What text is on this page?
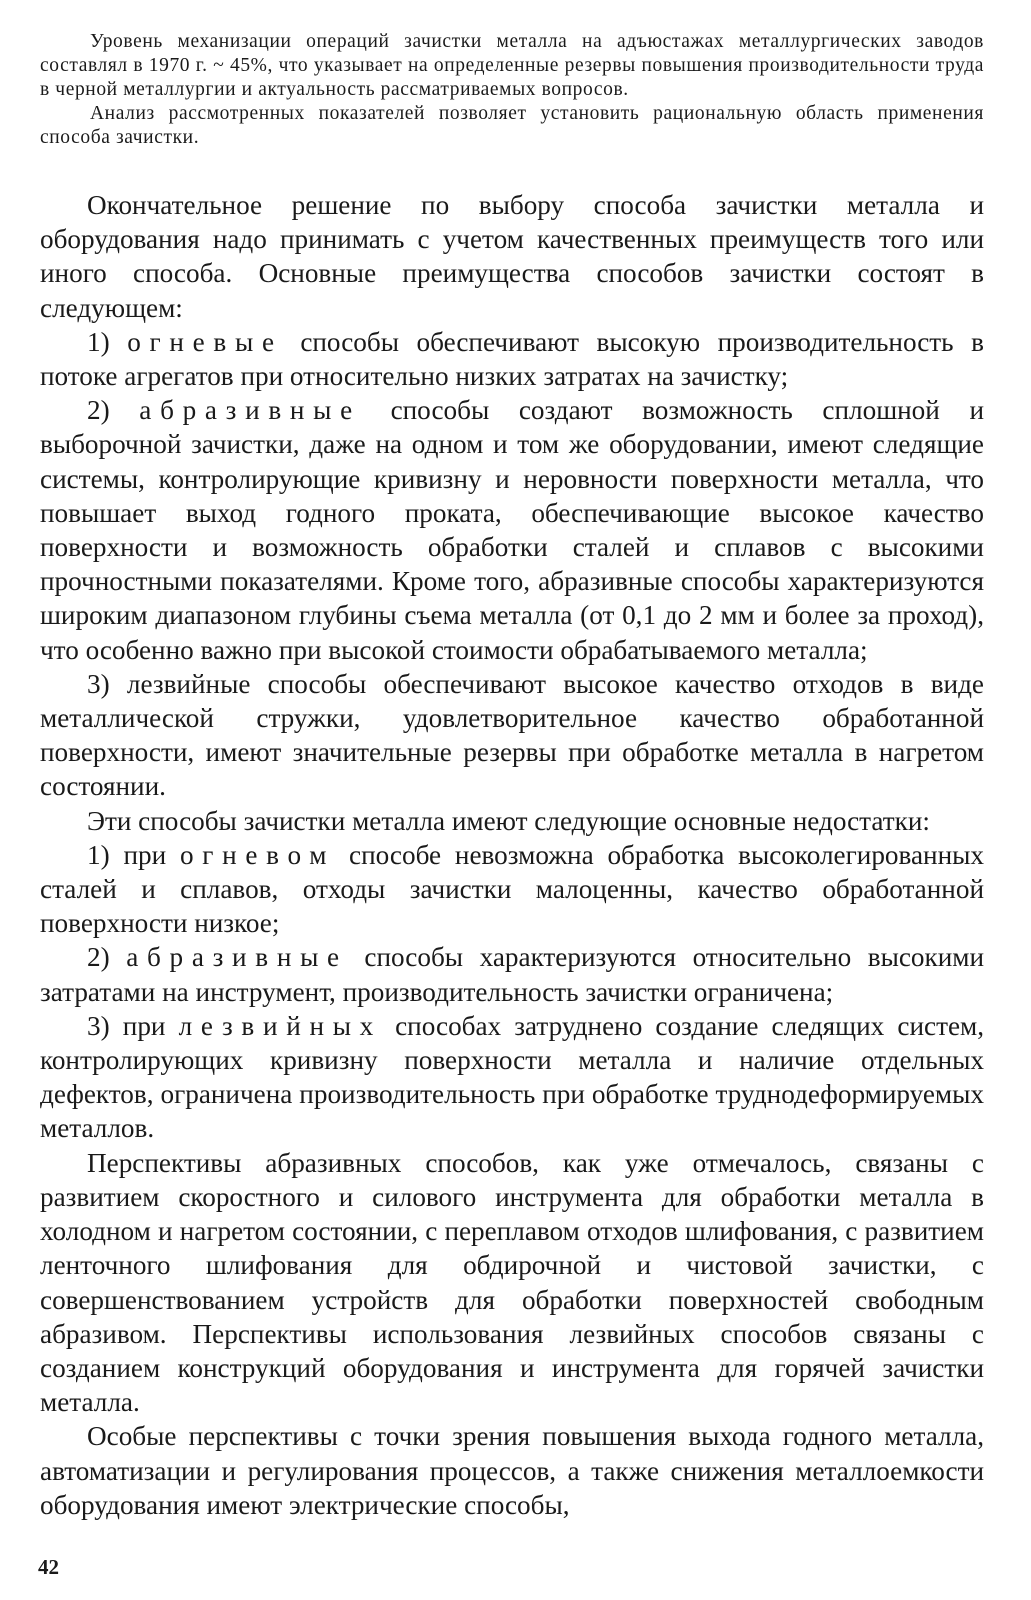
Уровень механизации операций зачистки металла на адъюстажах металлургических заводов составлял в 1970 г. ~ 45%, что указывает на определенные резервы повышения производительности труда в черной металлургии и актуальность рассматриваемых вопросов.

Анализ рассмотренных показателей позволяет установить рациональную область применения способа зачистки.

Окончательное решение по выбору способа зачистки металла и оборудования надо принимать с учетом качественных преимуществ того или иного способа. Основные преимущества способов зачистки состоят в следующем:

1) огневые способы обеспечивают высокую производительность в потоке агрегатов при относительно низких затратах на зачистку;

2) абразивные способы создают возможность сплошной и выборочной зачистки, даже на одном и том же оборудовании, имеют следящие системы, контролирующие кривизну и неровности поверхности металла, что повышает выход годного проката, обеспечивающие высокое качество поверхности и возможность обработки сталей и сплавов с высокими прочностными показателями. Кроме того, абразивные способы характеризуются широким диапазоном глубины съема металла (от 0,1 до 2 мм и более за проход), что особенно важно при высокой стоимости обрабатываемого металла;

3) лезвийные способы обеспечивают высокое качество отходов в виде металлической стружки, удовлетворительное качество обработанной поверхности, имеют значительные резервы при обработке металла в нагретом состоянии.

Эти способы зачистки металла имеют следующие основные недостатки:

1) при огневом способе невозможна обработка высоколегированных сталей и сплавов, отходы зачистки малоценны, качество обработанной поверхности низкое;

2) абразивные способы характеризуются относительно высокими затратами на инструмент, производительность зачистки ограничена;

3) при лезвийных способах затруднено создание следящих систем, контролирующих кривизну поверхности металла и наличие отдельных дефектов, ограничена производительность при обработке труднодеформируемых металлов.

Перспективы абразивных способов, как уже отмечалось, связаны с развитием скоростного и силового инструмента для обработки металла в холодном и нагретом состоянии, с переплавом отходов шлифования, с развитием ленточного шлифования для обдирочной и чистовой зачистки, с совершенствованием устройств для обработки поверхностей свободным абразивом. Перспективы использования лезвийных способов связаны с созданием конструкций оборудования и инструмента для горячей зачистки металла.

Особые перспективы с точки зрения повышения выхода годного металла, автоматизации и регулирования процессов, а также снижения металлоемкости оборудования имеют электрические способы,

42
